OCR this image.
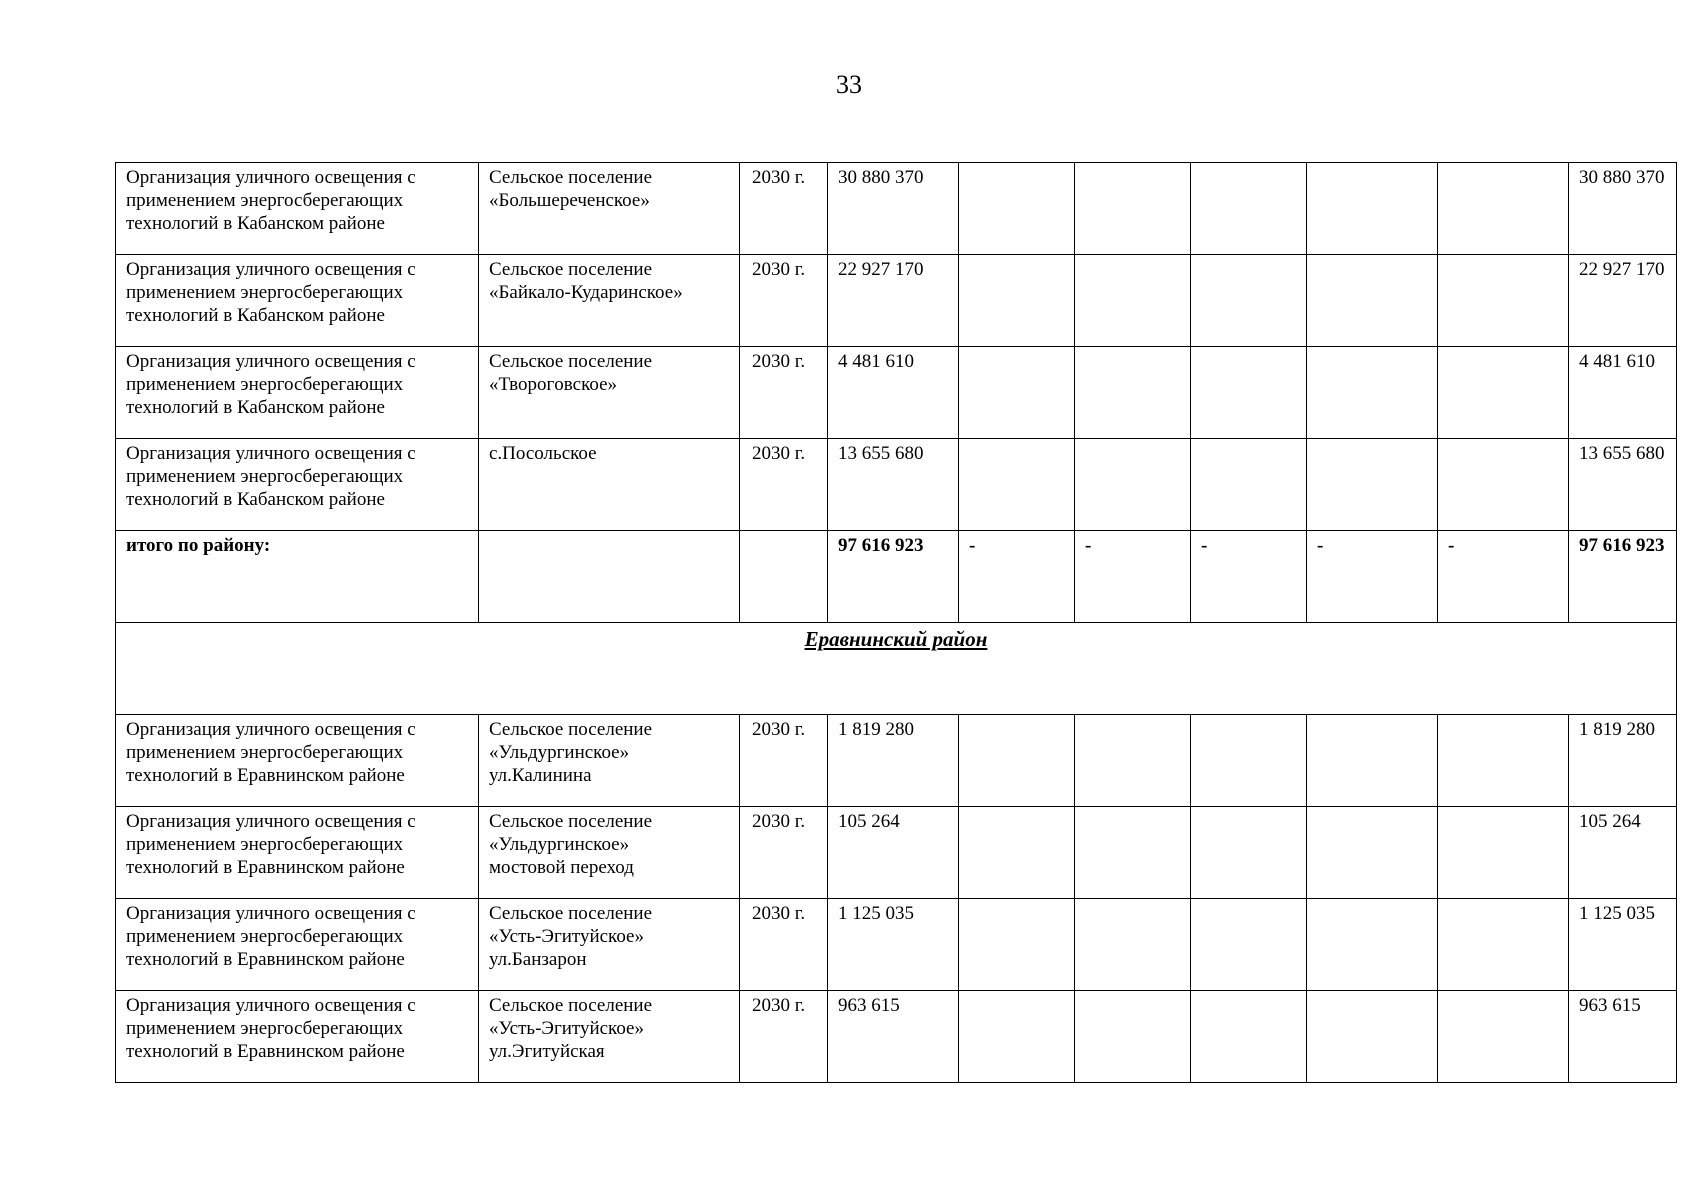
33
Организация уличного освещения с
применением энергосберегающих
технологий в Кабанском районе	Сельское поселение
«Большереченское»	2030 г.	30 880 370						30 880 370
Организация уличного освещения с
применением энергосберегающих
технологий в Кабанском районе	Сельское поселение
«Байкало-Кударинское»	2030 г.	22 927 170						22 927 170
Организация уличного освещения с
применением энергосберегающих
технологий в Кабанском районе	Сельское поселение
«Творогoвское»	2030 г.	4 481 610						4 481 610
Организация уличного освещения с
применением энергосберегающих
технологий в Кабанском районе	с.Посольское	2030 г.	13 655 680						13 655 680
итого по району:			97 616 923	-	-	-	-	-	97 616 923
Еравнинский район									
Организация уличного освещения с
применением энергосберегающих
технологий в Еравнинском районе	Сельское поселение
«Ульдургинское»
ул.Калинина	2030 г.	1 819 280						1 819 280
Организация уличного освещения с
применением энергосберегающих
технологий в Еравнинском районе	Сельское поселение
«Ульдургинское»
мостовой переход	2030 г.	105 264						105 264
Организация уличного освещения с
применением энергосберегающих
технологий в Еравнинском районе	Сельское поселение
«Усть-Эгитуйское»
ул.Банзарон	2030 г.	1 125 035						1 125 035
Организация уличного освещения с
применением энергосберегающих
технологий в Еравнинском районе	Сельское поселение
«Усть-Эгитуйское»
ул.Эгитуйская	2030 г.	963 615						963 615
